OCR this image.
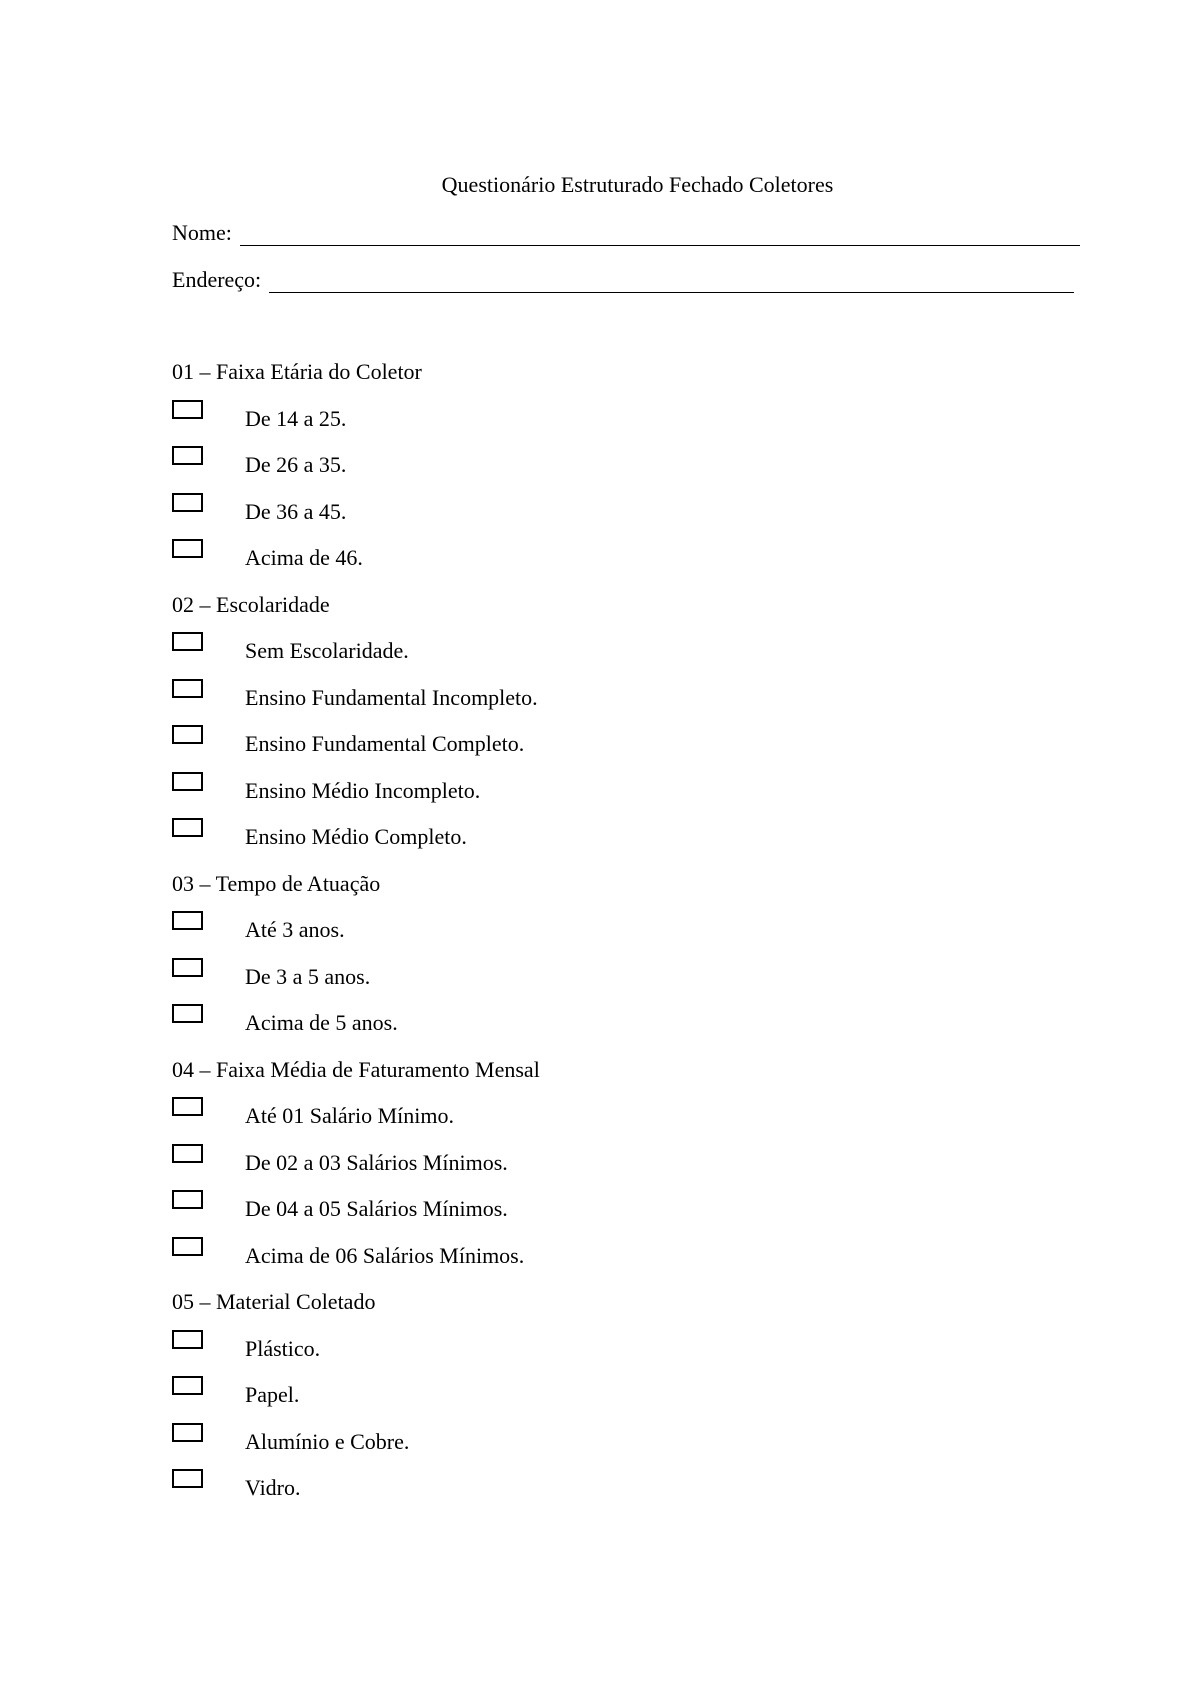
Questionário Estruturado Fechado Coletores
Nome:
Endereço:
01 – Faixa Etária do Coletor
De 14 a 25.
De 26 a 35.
De 36 a 45.
Acima de 46.
02 – Escolaridade
Sem Escolaridade.
Ensino Fundamental Incompleto.
Ensino Fundamental Completo.
Ensino Médio Incompleto.
Ensino Médio Completo.
03 – Tempo de Atuação
Até 3 anos.
De 3 a 5 anos.
Acima de 5 anos.
04 – Faixa Média de Faturamento Mensal
Até 01 Salário Mínimo.
De 02 a 03 Salários Mínimos.
De 04 a 05 Salários Mínimos.
Acima de 06 Salários Mínimos.
05 – Material Coletado
Plástico.
Papel.
Alumínio e Cobre.
Vidro.
